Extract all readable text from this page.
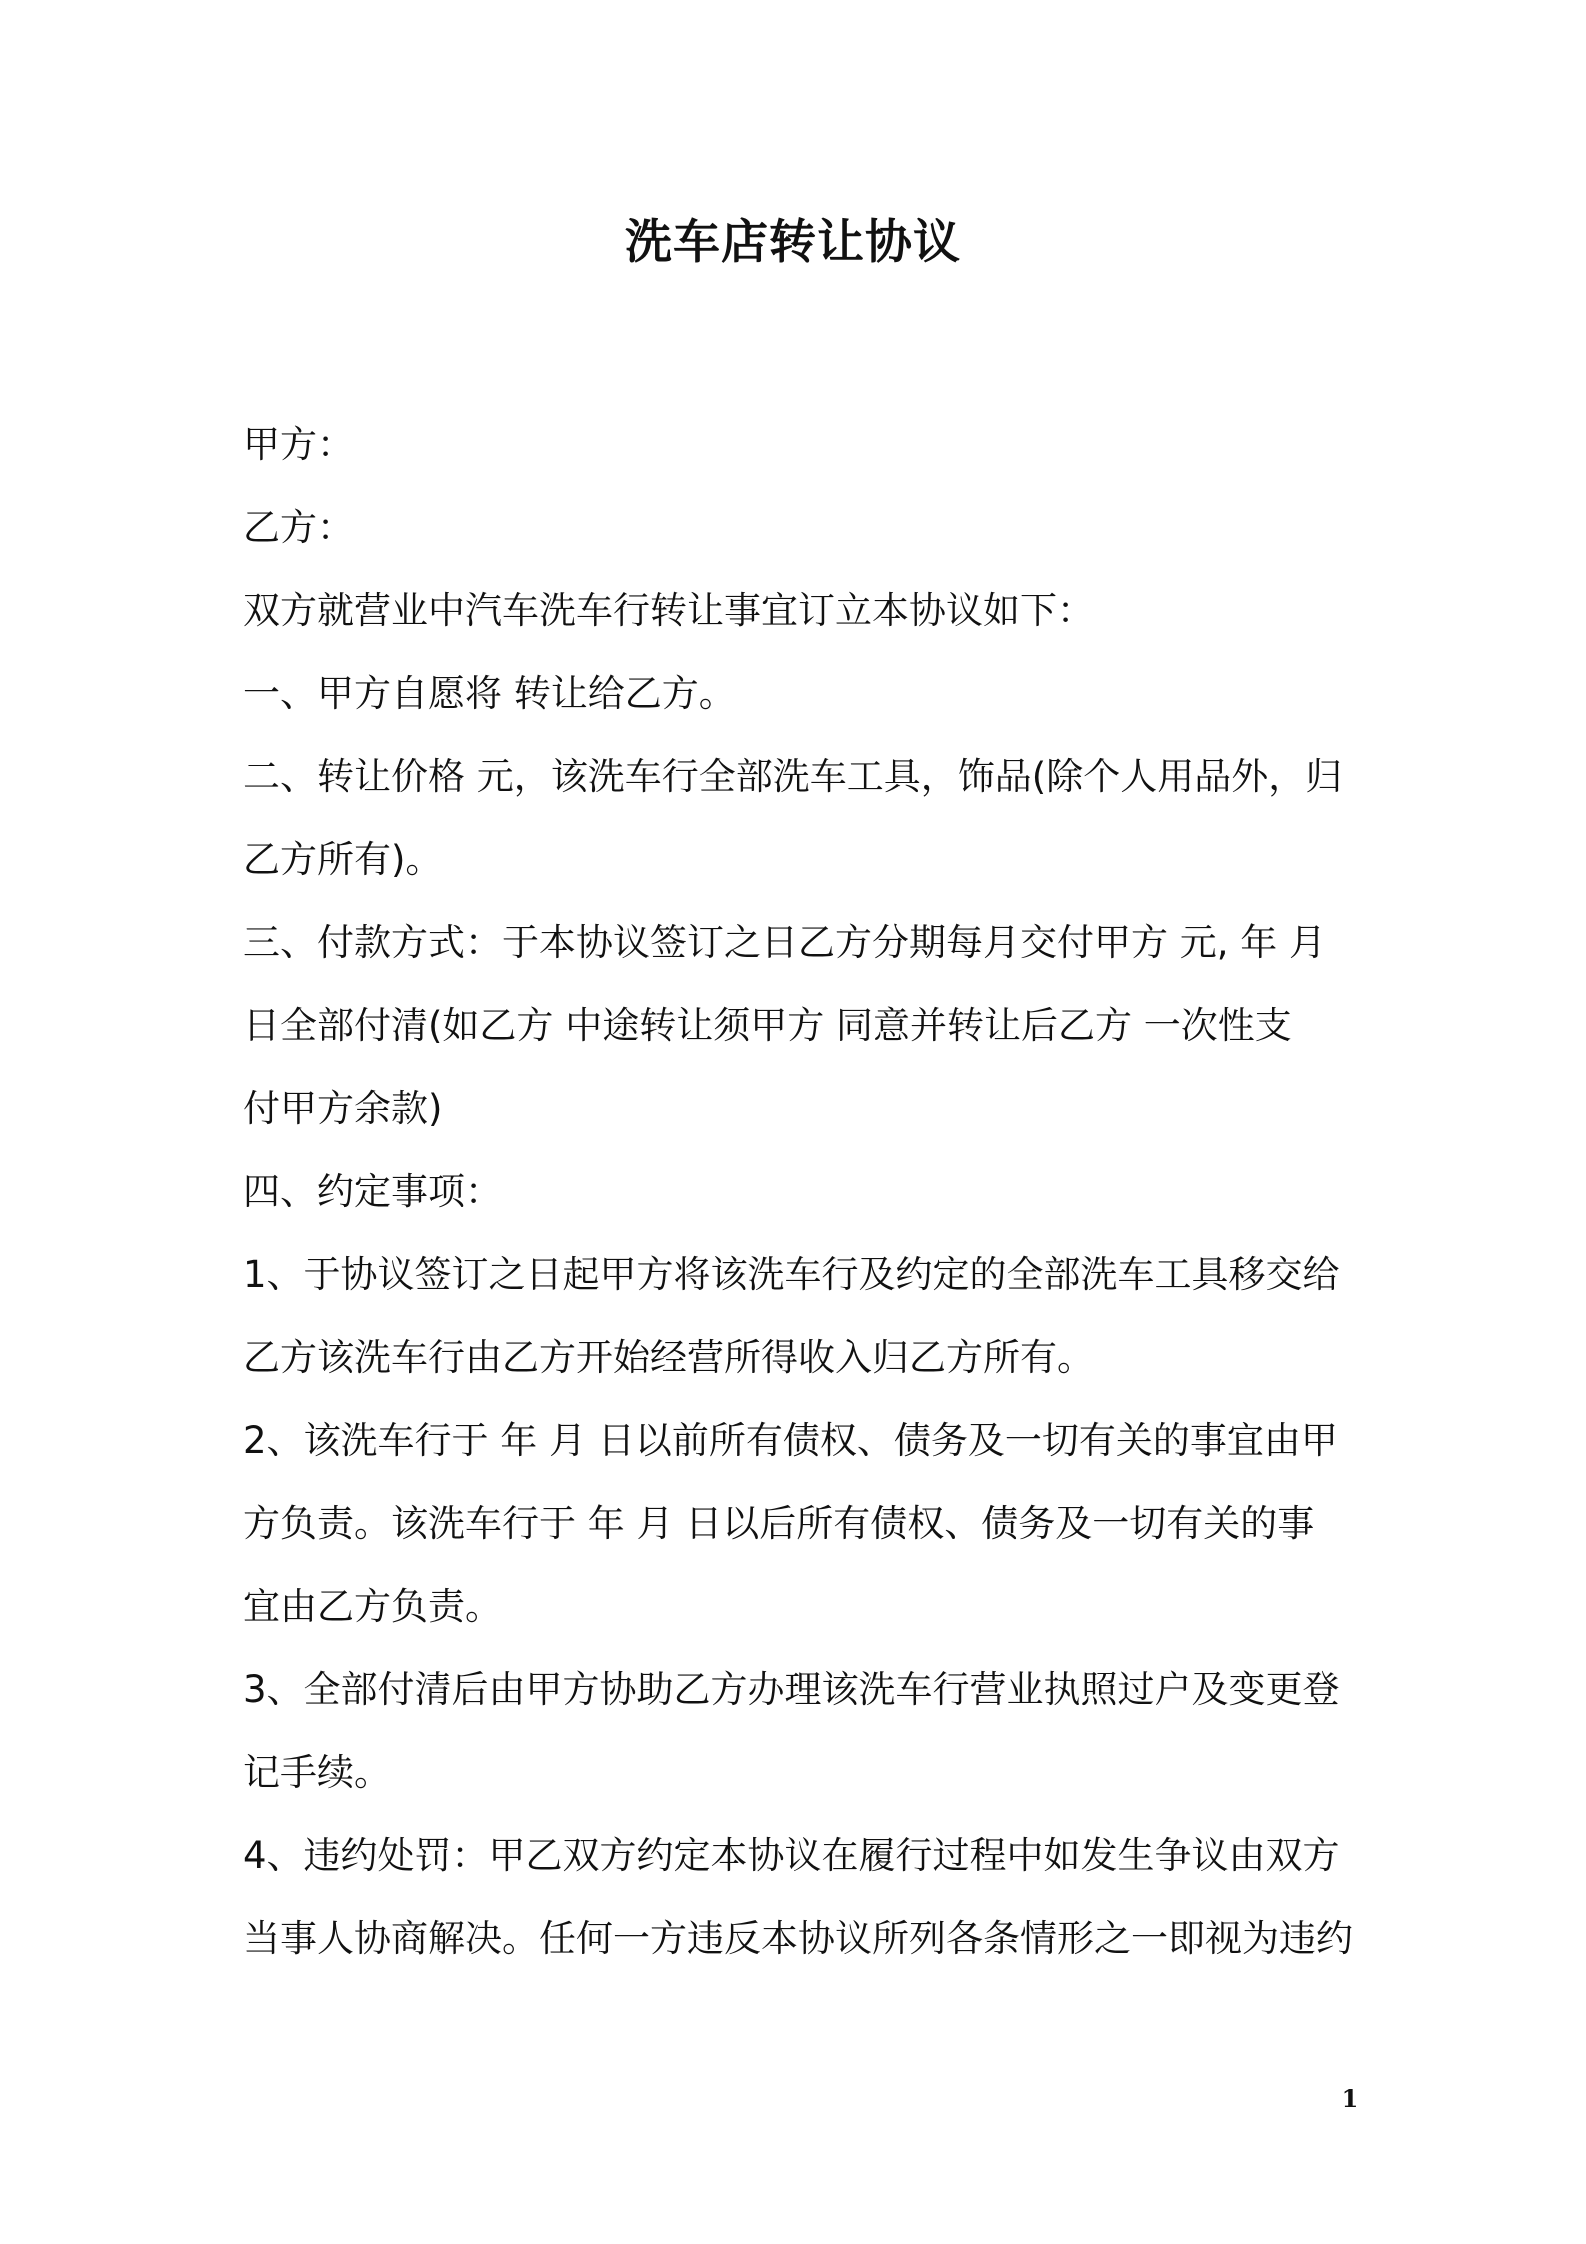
洗车店转让协议
甲方：
乙方：
双方就营业中汽车洗车行转让事宜订立本协议如下：
一、甲方自愿将 转让给乙方。
二、转让价格 元，该洗车行全部洗车工具，饰品(除个人用品外，归
乙方所有)。
三、付款方式：于本协议签订之日乙方分期每月交付甲方 元, 年 月
日全部付清(如乙方 中途转让须甲方 同意并转让后乙方 一次性支
付甲方余款)
四、约定事项：
1、于协议签订之日起甲方将该洗车行及约定的全部洗车工具移交给
乙方该洗车行由乙方开始经营所得收入归乙方所有。
2、该洗车行于 年 月 日以前所有债权、债务及一切有关的事宜由甲
方负责。该洗车行于 年 月 日以后所有债权、债务及一切有关的事
宜由乙方负责。
3、全部付清后由甲方协助乙方办理该洗车行营业执照过户及变更登
记手续。
4、违约处罚：甲乙双方约定本协议在履行过程中如发生争议由双方
当事人协商解决。任何一方违反本协议所列各条情形之一即视为违约
1
